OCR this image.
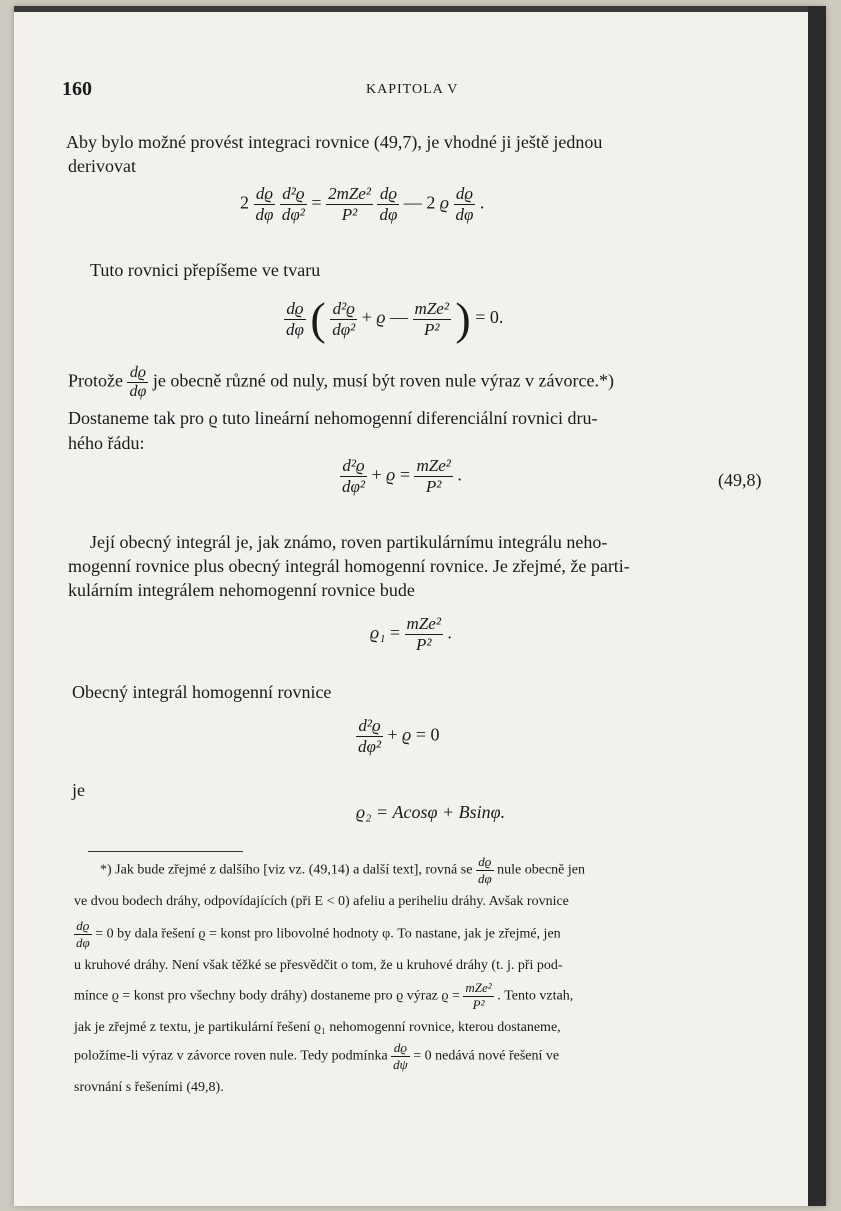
160	KAPITOLA V
Aby bylo možné provést integraci rovnice (49,7), je vhodné ji ještě jednou
derivovat
$2 \frac{dϱ}{d\varphi}$
$\frac{\text{d²ϱ}}{\text{dφ²}} = \frac{\text{2mZe²}}{\text{P²}}$
$\frac{dϱ}{d\varphi}$ — 2 ϱ $\frac{dϱ}{d\varphi}$ .
Tuto rovnici přepíšeme ve tvaru
$\frac{dϱ}{d\varphi}$ ( $\frac{\text{d²ϱ}}{\text{dφ²}} + ϱ$ — $\frac{\text{mZe²}}{\text{P²}}$ ) = 0.
Protože $\frac{dϱ}{d\varphi}$ je obecně různé od nuly, musí být roven nule výraz v závorce.*)
Dostaneme tak pro ϱ tuto lineární nehomogenní diferenciální rovnici dru-
hého řádu:
$\frac{\text{d²ϱ}}{\text{dφ²}} + ϱ = \frac{\text{mZe²}}{\text{P²}}$ .	(49,8)
Její obecný integrál je, jak známo, roven partikulárnímu integrálu neho-
mogenní rovnice plus obecný integrál homogenní rovnice. Je zřejmé, že parti-
kulárním integrálem nehomogenní rovnice bude
$ϱ_1 = \frac{\text{mZe²}}{\text{P²}}$ .
Obecný integrál homogenní rovnice
$\frac{\text{d²ϱ}}{\text{dφ²}} + ϱ = 0$
je
ϱ₂ = Acosφ + Bsinφ.
*) Jak bude zřejmé z dalšího [viz vz. (49,14) a další text], rovná se $\frac{dϱ}{d\varphi}$ nule obecně jen
ve dvou bodech dráhy, odpovídajících (při E < 0) afeliu a periheliu dráhy. Avšak rovnice
$\frac{dϱ}{d\varphi} = 0$ by dala řešení ϱ = konst pro libovolné hodnoty φ. To nastane, jak je zřejmé, jen
u kruhové dráhy. Není však těžké se přesvědčit o tom, že u kruhové dráhy (t. j. při pod-
mínce ϱ = konst pro všechny body dráhy) dostaneme pro ϱ výraz $ϱ = \frac{\text{mZe²}}{\text{P²}}$ . Tento vztah,
jak je zřejmé z textu, je partikulární řešení ϱ₁ nehomogenní rovnice, kterou dostaneme,
položíme-li výraz v závorce roven nule. Tedy podmínka $\frac{dϱ}{d\psi} = 0$ nedává nové řešení ve
srovnání s řešeními (49,8).
